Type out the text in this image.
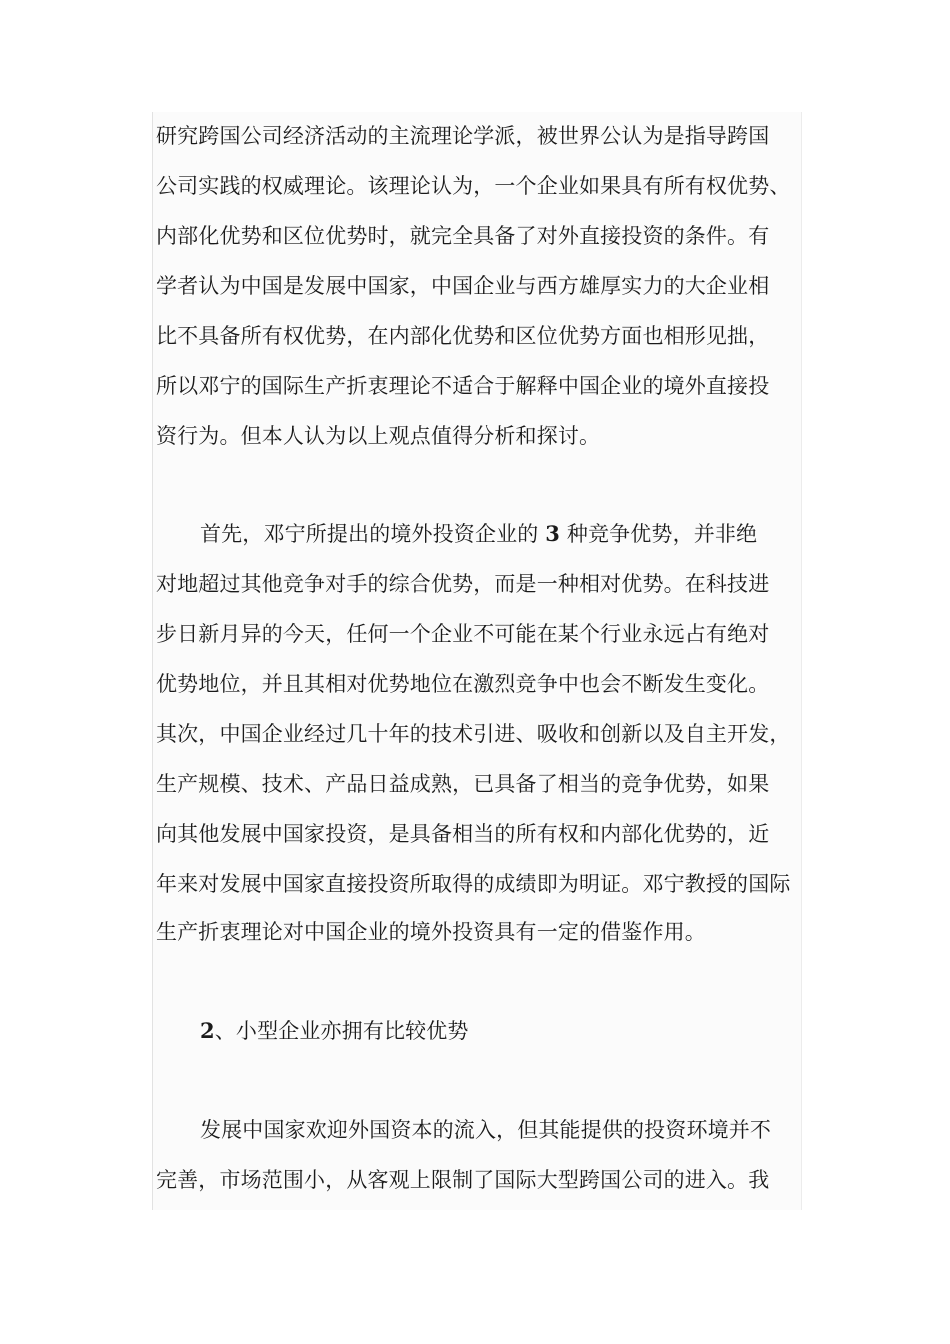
研究跨国公司经济活动的主流理论学派，被世界公认为是指导跨国
公司实践的权威理论。该理论认为，一个企业如果具有所有权优势、
内部化优势和区位优势时，就完全具备了对外直接投资的条件。有
学者认为中国是发展中国家，中国企业与西方雄厚实力的大企业相
比不具备所有权优势，在内部化优势和区位优势方面也相形见拙，
所以邓宁的国际生产折衷理论不适合于解释中国企业的境外直接投
资行为。但本人认为以上观点值得分析和探讨。
首先，邓宁所提出的境外投资企业的 3 种竞争优势，并非绝
对地超过其他竞争对手的综合优势，而是一种相对优势。在科技进
步日新月异的今天，任何一个企业不可能在某个行业永远占有绝对
优势地位，并且其相对优势地位在激烈竞争中也会不断发生变化。
其次，中国企业经过几十年的技术引进、吸收和创新以及自主开发，
生产规模、技术、产品日益成熟，已具备了相当的竞争优势，如果
向其他发展中国家投资，是具备相当的所有权和内部化优势的，近
年来对发展中国家直接投资所取得的成绩即为明证。邓宁教授的国际
生产折衷理论对中国企业的境外投资具有一定的借鉴作用。
2、小型企业亦拥有比较优势
发展中国家欢迎外国资本的流入，但其能提供的投资环境并不
完善，市场范围小，从客观上限制了国际大型跨国公司的进入。我
